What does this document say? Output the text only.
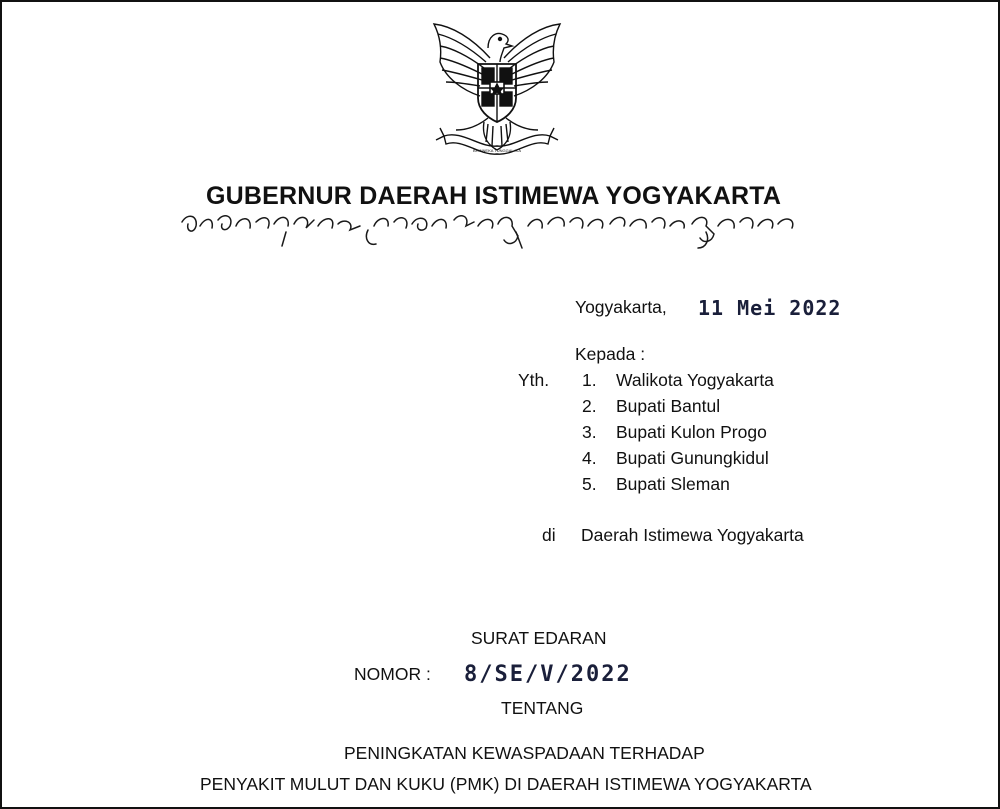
BHINNEKA TUNGGAL IKA
GUBERNUR DAERAH ISTIMEWA YOGYAKARTA
Yogyakarta, 11 Mei 2022
Kepada :
Yth. 1.	Walikota Yogyakarta
2.	Bupati Bantul
3.	Bupati Kulon Progo
4.	Bupati Gunungkidul
5.	Bupati Sleman
di Daerah Istimewa Yogyakarta
SURAT EDARAN
NOMOR : 8/SE/V/2022
TENTANG
PENINGKATAN KEWASPADAAN TERHADAP
PENYAKIT MULUT DAN KUKU (PMK) DI DAERAH ISTIMEWA YOGYAKARTA
